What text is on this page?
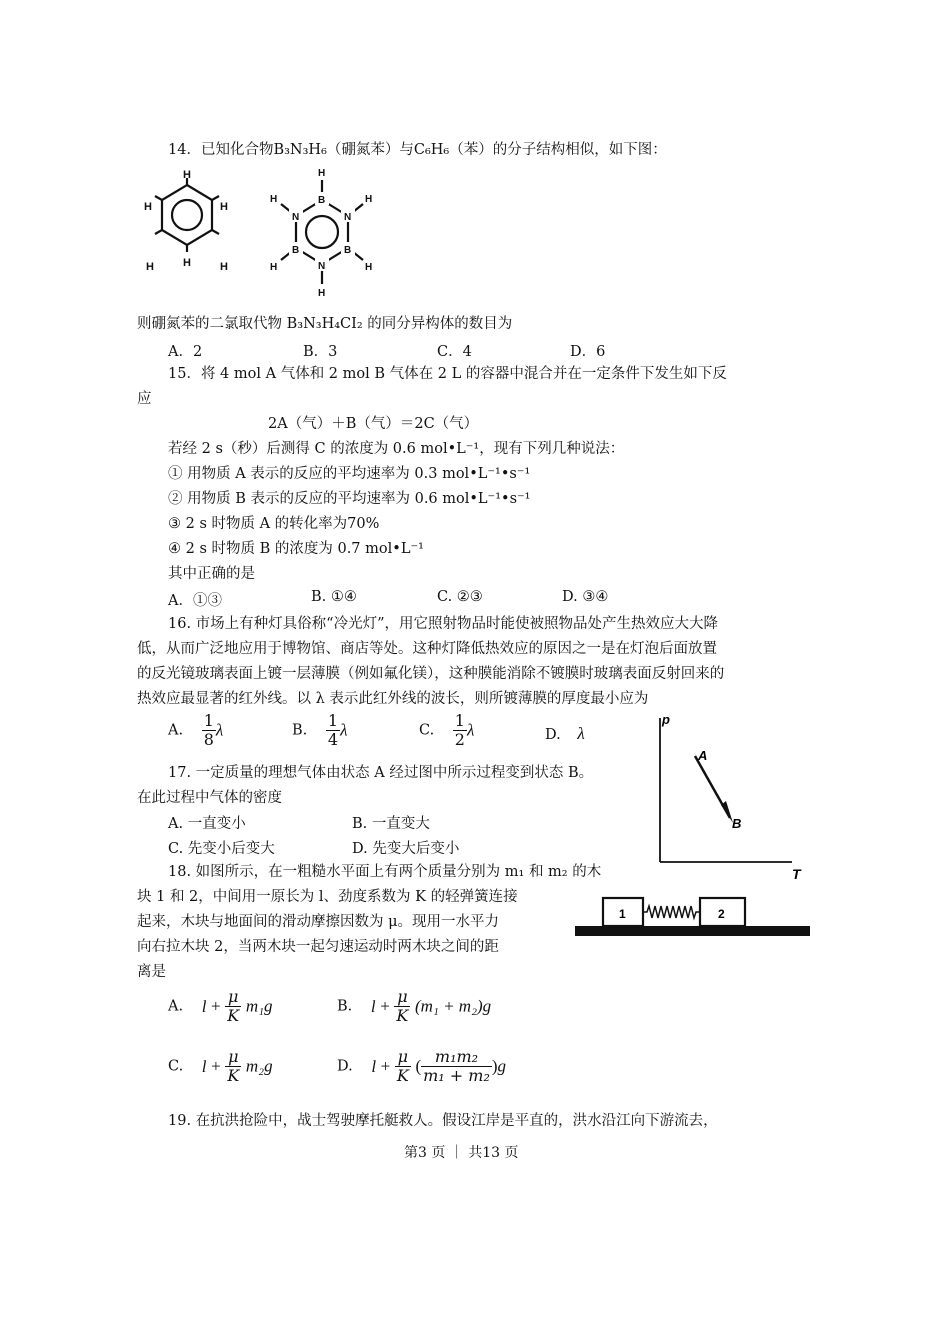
14．已知化合物B₃N₃H₆（硼氮苯）与C₆H₆（苯）的分子结构相似，如下图：
H
H
H
H
H
H
B
N
B
N
B
N
H
H
H
H
H
H
则硼氮苯的二氯取代物 B₃N₃H₄CI₂ 的同分异构体的数目为
A．2	B．3	C．4	D．6
15．将 4 mol A 气体和 2 mol B 气体在 2 L 的容器中混合并在一定条件下发生如下反
应
2A（气）＋B（气）＝2C（气）
若经 2 s（秒）后测得 C 的浓度为 0.6 mol•L⁻¹，现有下列几种说法：
① 用物质 A 表示的反应的平均速率为 0.3 mol•L⁻¹•s⁻¹
② 用物质 B 表示的反应的平均速率为 0.6 mol•L⁻¹•s⁻¹
③ 2 s 时物质 A 的转化率为70%
④ 2 s 时物质 B 的浓度为 0.7 mol•L⁻¹
其中正确的是
A．①③	B. ①④	C. ②③	D. ③④
16. 市场上有种灯具俗称“冷光灯”，用它照射物品时能使被照物品处产生热效应大大降
低，从而广泛地应用于博物馆、商店等处。这种灯降低热效应的原因之一是在灯泡后面放置
的反光镜玻璃表面上镀一层薄膜（例如氟化镁），这种膜能消除不镀膜时玻璃表面反射回来的
热效应最显著的红外线。以 λ 表示此红外线的波长，则所镀薄膜的厚度最小应为
A. $\frac{1}{8}$ λ	B. $\frac{1}{4}$ λ	C. $\frac{1}{2}$ λ	D. λ
p
T
A
B
17. 一定质量的理想气体由状态 A 经过图中所示过程变到状态 B。
在此过程中气体的密度
A. 一直变小	B. 一直变大
C. 先变小后变大	D. 先变大后变小
18. 如图所示，在一粗糙水平面上有两个质量分别为 m₁ 和 m₂ 的木
块 1 和 2，中间用一原长为 l、劲度系数为 K 的轻弹簧连接
起来，木块与地面间的滑动摩擦因数为 μ。现用一水平力
向右拉木块 2，当两木块一起匀速运动时两木块之间的距
离是
1	2
A. $l + \frac{\mu}{K} m_1g$	B. $l + \frac{\mu}{K} (m_1 + m_2)g$
C. $l + \frac{\mu}{K} m_2g$	D. $l + \frac{\mu}{K}$ ( $\frac{\text{m₁m₂}}{\text{m₁ + m₂}} )g$
19. 在抗洪抢险中，战士驾驶摩托艇救人。假设江岸是平直的，洪水沿江向下游流去，
第3 页 ｜ 共13 页
